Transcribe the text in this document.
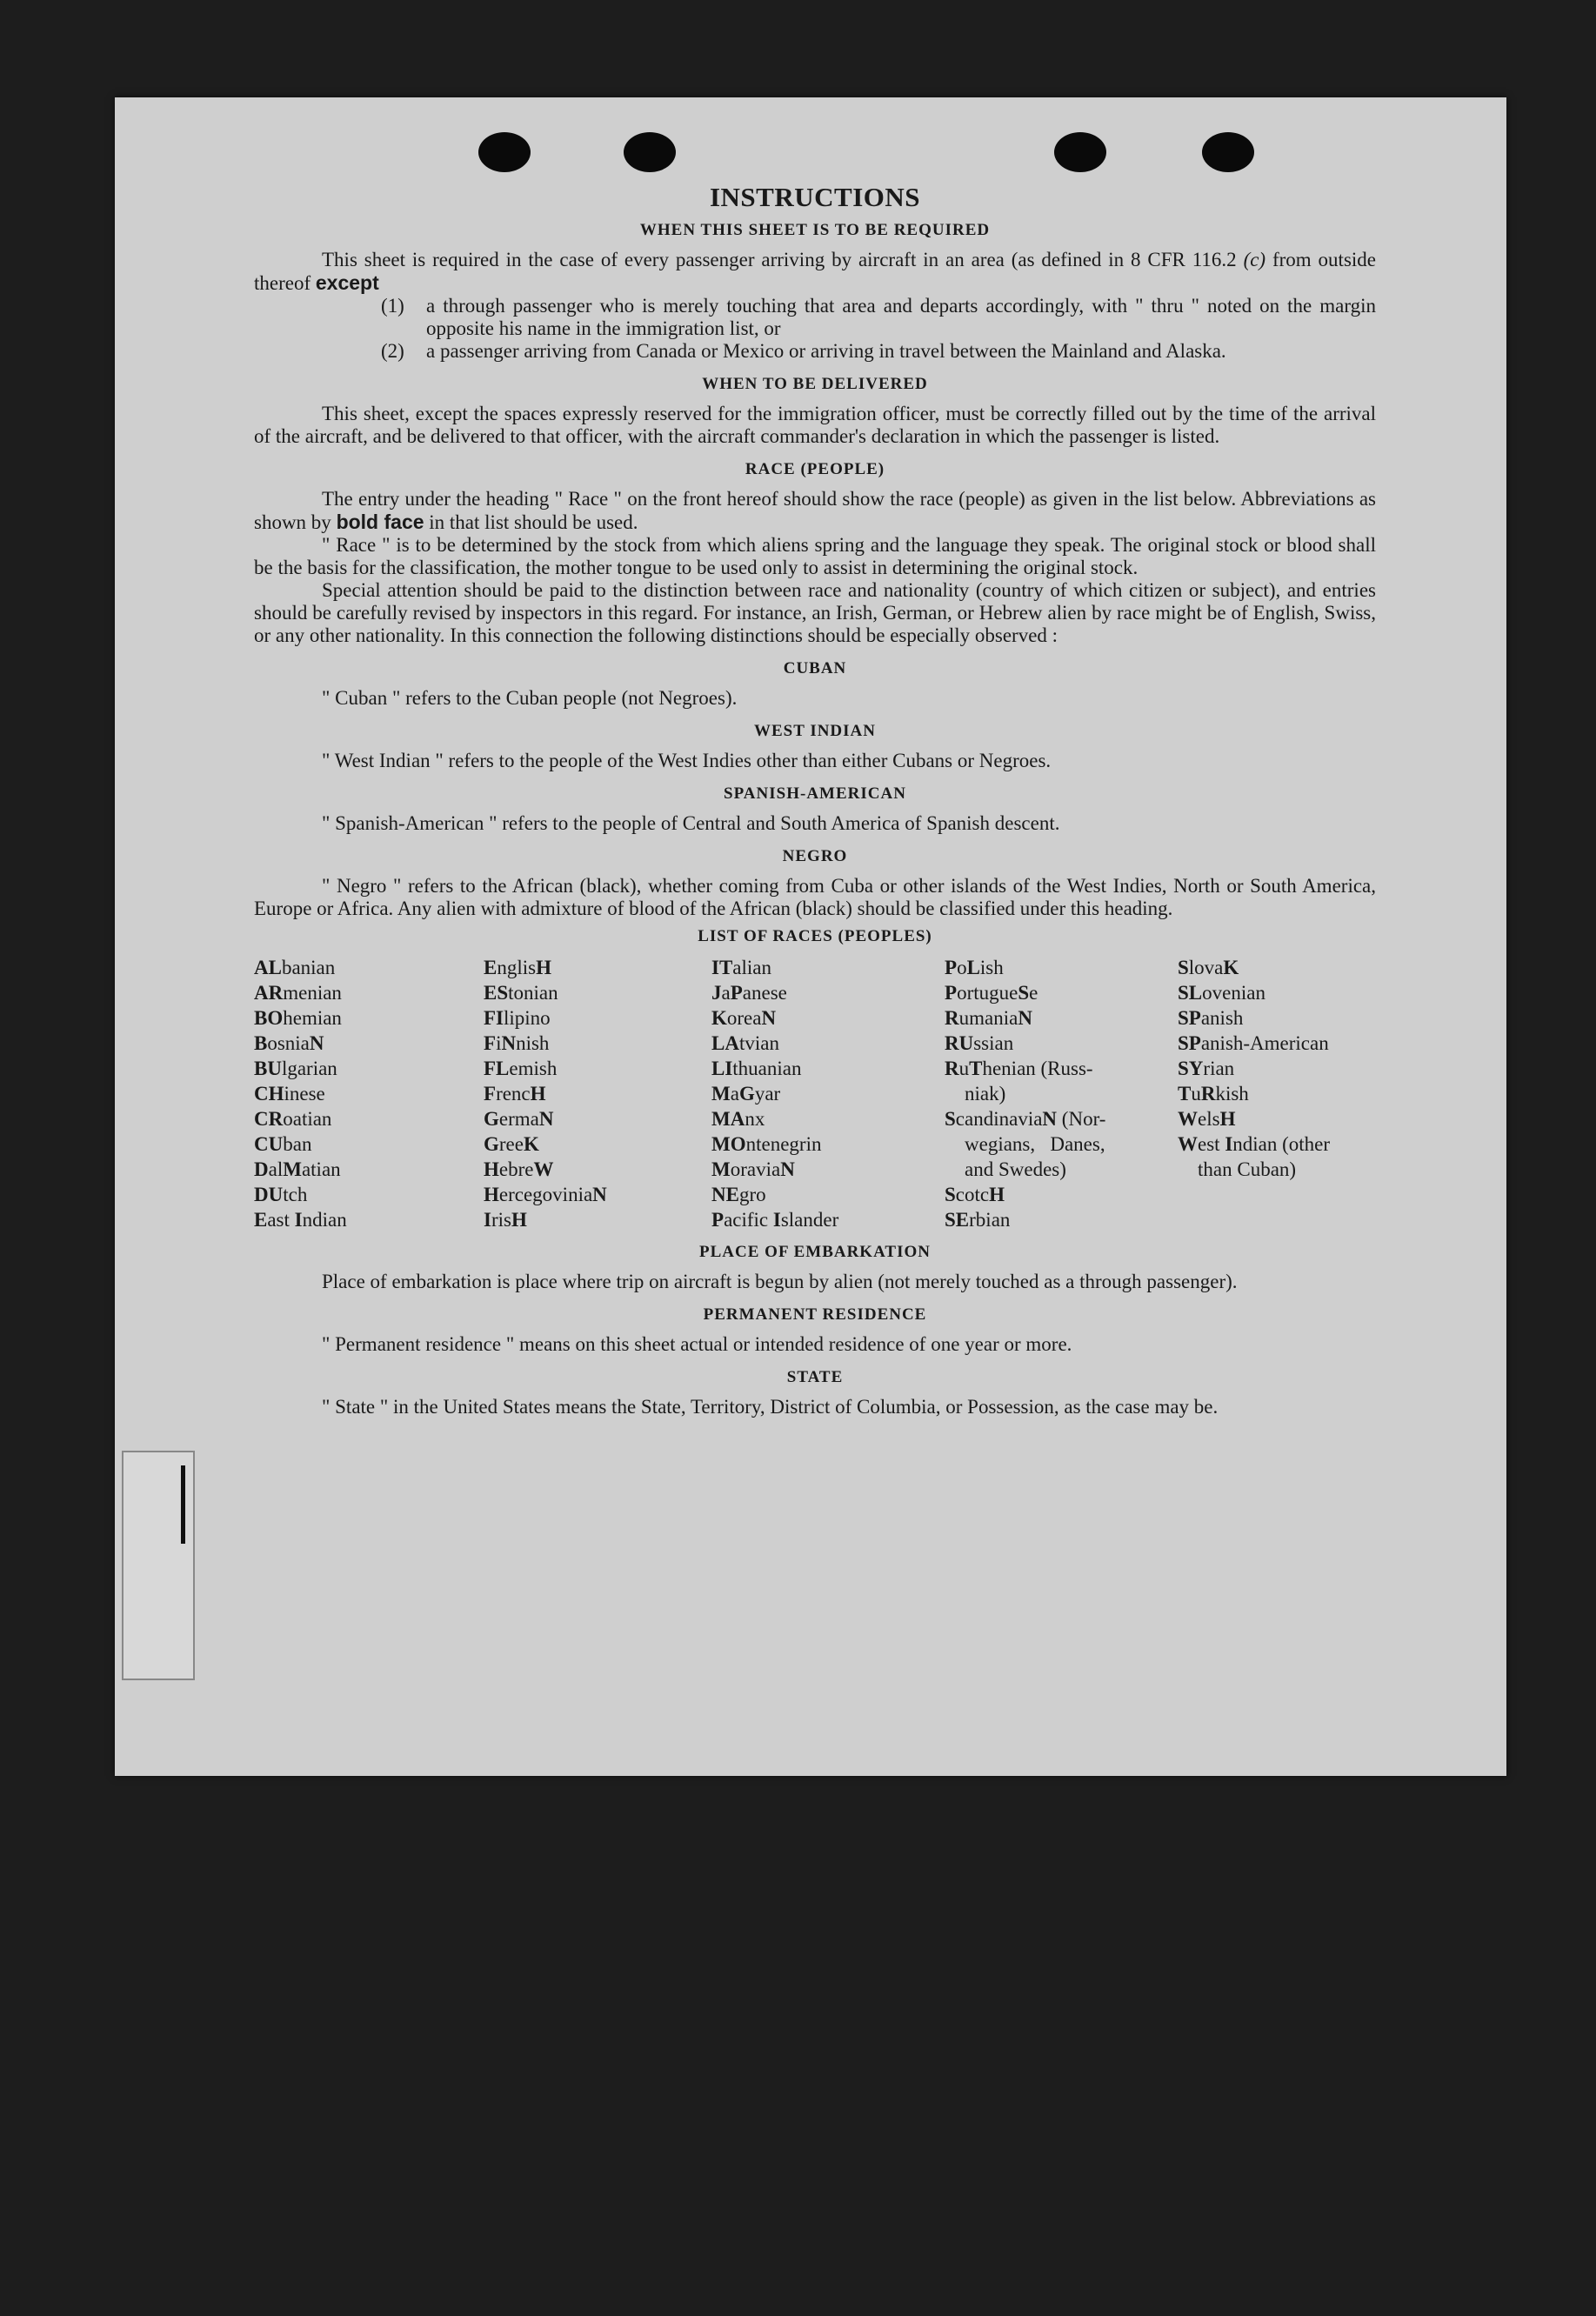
INSTRUCTIONS
WHEN THIS SHEET IS TO BE REQUIRED

This sheet is required in the case of every passenger arriving by aircraft in an area (as defined in 8 CFR 116.2 (c) from outside thereof except

(1)	a through passenger who is merely touching that area and departs accordingly, with " thru " noted on the margin opposite his name in the immigration list, or
(2)	a passenger arriving from Canada or Mexico or arriving in travel between the Mainland and Alaska.
WHEN TO BE DELIVERED

This sheet, except the spaces expressly reserved for the immigration officer, must be correctly filled out by the time of the arrival of the aircraft, and be delivered to that officer, with the aircraft commander's declaration in which the passenger is listed.

RACE (PEOPLE)

The entry under the heading " Race " on the front hereof should show the race (people) as given in the list below. Abbreviations as shown by bold face in that list should be used.

" Race " is to be determined by the stock from which aliens spring and the language they speak. The original stock or blood shall be the basis for the classification, the mother tongue to be used only to assist in determining the original stock.

Special attention should be paid to the distinction between race and nationality (country of which citizen or subject), and entries should be carefully revised by inspectors in this regard. For instance, an Irish, German, or Hebrew alien by race might be of English, Swiss, or any other nationality. In this connection the following distinctions should be especially observed :

CUBAN

" Cuban " refers to the Cuban people (not Negroes).

WEST INDIAN

" West Indian " refers to the people of the West Indies other than either Cubans or Negroes.

SPANISH-AMERICAN

" Spanish-American " refers to the people of Central and South America of Spanish descent.

NEGRO

" Negro " refers to the African (black), whether coming from Cuba or other islands of the West Indies, North or South America, Europe or Africa. Any alien with admixture of blood of the African (black) should be classified under this heading.

LIST OF RACES (PEOPLES)
ALbanian
ARmenian
BOhemian
BosniaN
BUlgarian
CHinese
CRoatian
CUban
DalMatian
DUtch
East Indian
EnglisH
EStonian
FIlipino
FiNnish
FLemish
FrencH
GermaN
GreeK
HebreW
HercegoviniaN
IrisH
ITalian
JaPanese
KoreaN
LAtvian
LIthuanian
MaGyar
MAnx
MOntenegrin
MoraviaN
NEgro
Pacific Islander
PoLish
PortugueSe
RumaniaN
RUssian
RuThenian (Russ-
niak)
ScandinaviaN (Nor-
wegians,   Danes,
and Swedes)
ScotcH
SErbian
SlovaK
SLovenian
SPanish
SPanish-American
SYrian
TuRkish
WelsH
West Indian (other
than Cuban)
PLACE OF EMBARKATION

Place of embarkation is place where trip on aircraft is begun by alien (not merely touched as a through passenger).

PERMANENT RESIDENCE

" Permanent residence " means on this sheet actual or intended residence of one year or more.

STATE

" State " in the United States means the State, Territory, District of Columbia, or Possession, as the case may be.
